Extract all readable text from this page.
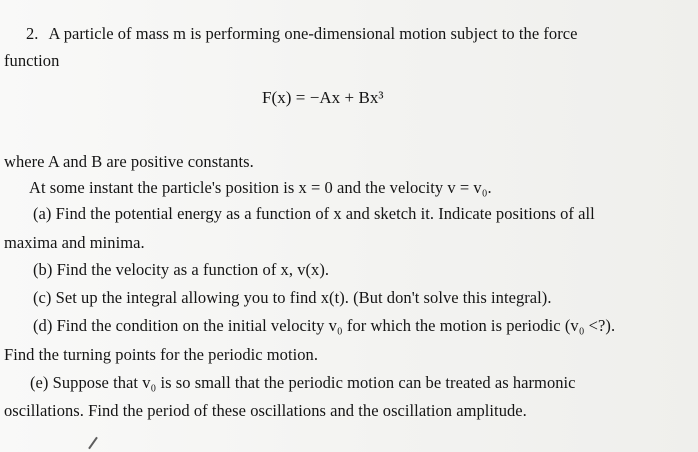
2. A particle of mass m is performing one-dimensional motion subject to the force
function
F(x) = −Ax + Bx³
where A and B are positive constants.
At some instant the particle's position is x = 0 and the velocity v = v₀.
(a) Find the potential energy as a function of x and sketch it. Indicate positions of all
maxima and minima.
(b) Find the velocity as a function of x, v(x).
(c) Set up the integral allowing you to find x(t). (But don't solve this integral).
(d) Find the condition on the initial velocity v₀ for which the motion is periodic (v₀ <?).
Find the turning points for the periodic motion.
(e) Suppose that v₀ is so small that the periodic motion can be treated as harmonic
oscillations. Find the period of these oscillations and the oscillation amplitude.
